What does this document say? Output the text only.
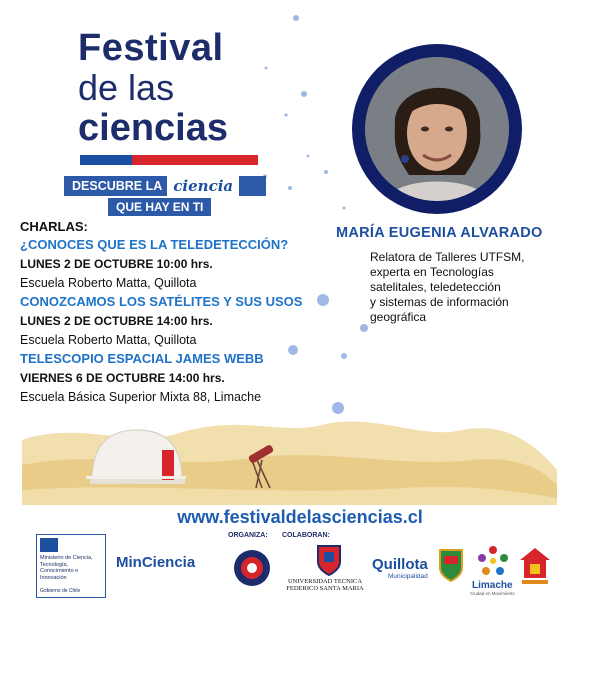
Festival
de las
ciencias
DESCUBRE LA ciencia
QUE HAY EN TI
MARÍA EUGENIA ALVARADO
Relatora de Talleres UTFSM,
experta en Tecnologías
satelitales, teledetección
y sistemas de información
geográfica
CHARLAS:
¿CONOCES QUE ES LA TELEDETECCIÓN?
LUNES 2 DE OCTUBRE 10:00 hrs.
Escuela Roberto Matta, Quillota
CONOZCAMOS LOS SATÉLITES Y SUS USOS
LUNES 2 DE OCTUBRE 14:00 hrs.
Escuela Roberto Matta, Quillota
TELESCOPIO ESPACIAL JAMES WEBB
VIERNES 6 DE OCTUBRE 14:00 hrs.
Escuela Básica Superior Mixta 88, Limache
www.festivaldelasciencias.cl
Ministerio de Ciencia, Tecnología, Conocimiento e Innovación
Gobierno de Chile
MinCiencia
ORGANIZA: COLABORAN:
UNIVERSIDAD TECNICA
FEDERICO SANTA MARIA
Quillota
Municipalidad
Limache
Ciudad en Movimiento
